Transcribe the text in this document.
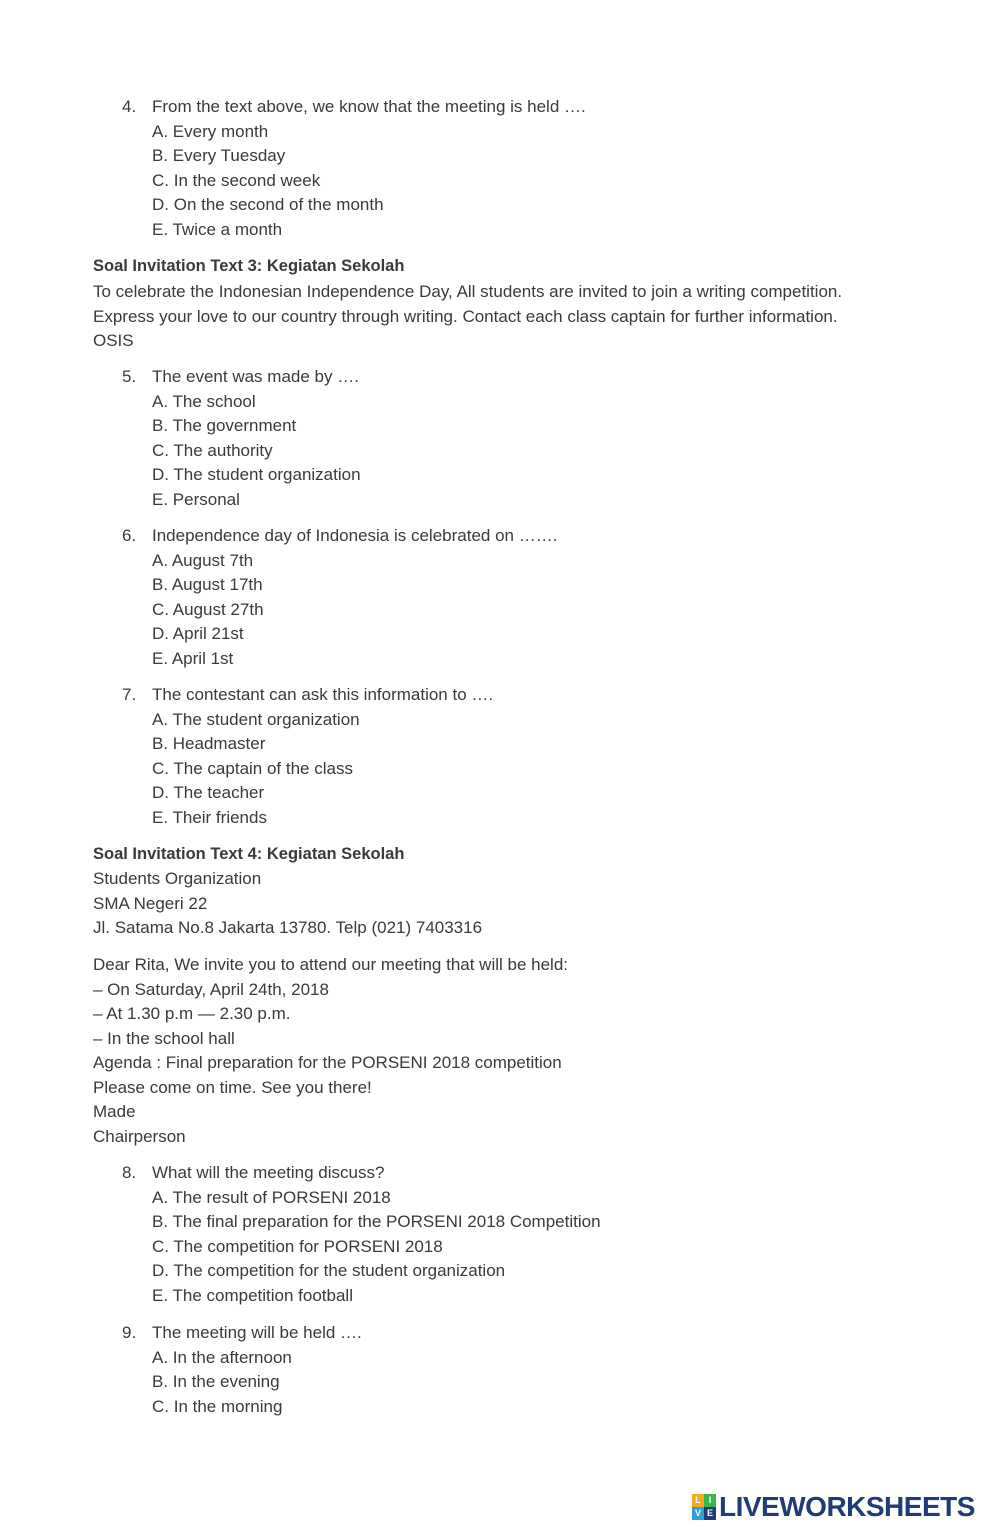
4. From the text above, we know that the meeting is held ….
A. Every month
B. Every Tuesday
C. In the second week
D. On the second of the month
E. Twice a month
Soal Invitation Text 3: Kegiatan Sekolah
To celebrate the Indonesian Independence Day, All students are invited to join a writing competition.
Express your love to our country through writing. Contact each class captain for further information.
OSIS
5. The event was made by ….
A. The school
B. The government
C. The authority
D. The student organization
E. Personal
6. Independence day of Indonesia is celebrated on …….
A. August 7th
B. August 17th
C. August 27th
D. April 21st
E. April 1st
7. The contestant can ask this information to ….
A. The student organization
B. Headmaster
C. The captain of the class
D. The teacher
E. Their friends
Soal Invitation Text 4: Kegiatan Sekolah
Students Organization
SMA Negeri 22
Jl. Satama No.8 Jakarta 13780. Telp (021) 7403316
Dear Rita, We invite you to attend our meeting that will be held:
– On Saturday, April 24th, 2018
– At 1.30 p.m — 2.30 p.m.
– In the school hall
Agenda : Final preparation for the PORSENI 2018 competition
Please come on time. See you there!
Made
Chairperson
8. What will the meeting discuss?
A. The result of PORSENI 2018
B. The final preparation for the PORSENI 2018 Competition
C. The competition for PORSENI 2018
D. The competition for the student organization
E. The competition football
9. The meeting will be held ….
A. In the afternoon
B. In the evening
C. In the morning
L I
V E LIVEWORKSHEETS
